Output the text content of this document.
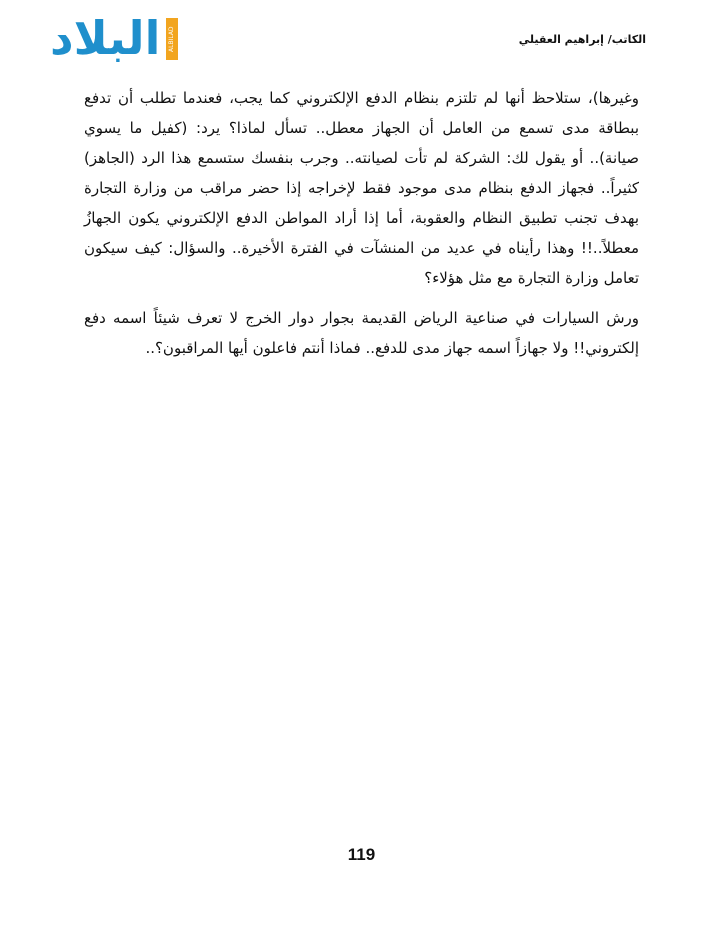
البلاد	ALBILAD	الكاتب/ إبراهيم العقيلي

وغيرها)، ستلاحظ أنها لم تلتزم بنظام الدفع الإلكتروني كما يجب، فعندما تطلب أن تدفع ببطاقة مدى تسمع من العامل أن الجهاز معطل.. تسأل لماذا؟ يرد: (كفيل ما يسوي صيانة).. أو يقول لك: الشركة لم تأت لصيانته.. وجرب بنفسك ستسمع هذا الرد (الجاهز) كثيراً.. فجهاز الدفع بنظام مدى موجود فقط لإخراجه إذا حضر مراقب من وزارة التجارة بهدف تجنب تطبيق النظام والعقوبة، أما إذا أراد المواطن الدفع الإلكتروني يكون الجهازُ معطلاً..!! وهذا رأيناه في عديد من المنشآت في الفترة الأخيرة.. والسؤال: كيف سيكون تعامل وزارة التجارة مع مثل هؤلاء؟

ورش السيارات في صناعية الرياض القديمة بجوار دوار الخرج لا تعرف شيئاً اسمه دفع إلكتروني!! ولا جهازاً اسمه جهاز مدى للدفع.. فماذا أنتم فاعلون أيها المراقبون؟..

119
